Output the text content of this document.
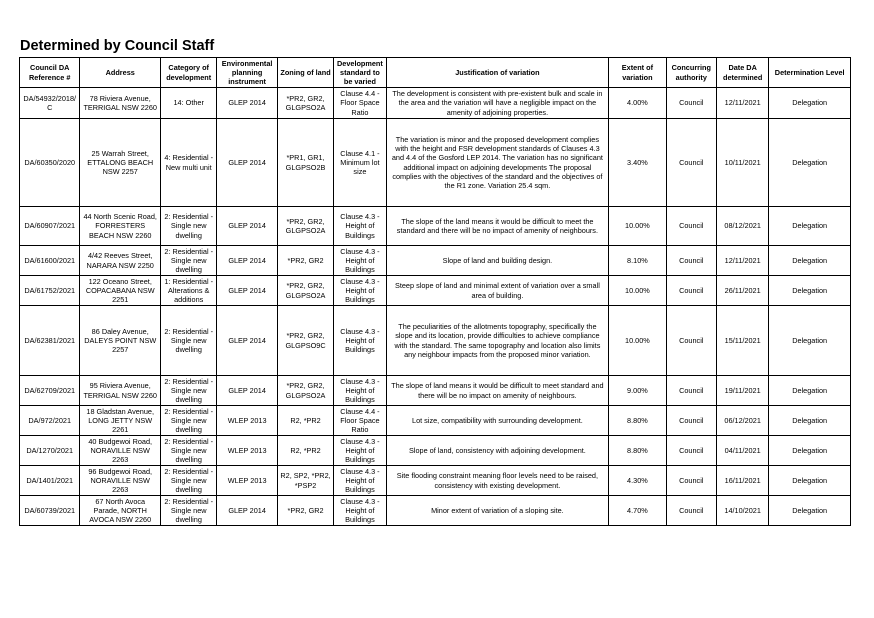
Determined by Council Staff
Council DA Reference #	Address	Category of development	Environmental planning instrument	Zoning of land	Development standard to be varied	Justification of variation	Extent of variation	Concurring authority	Date DA determined	Determination Level
DA/54932/2018/C	78 Riviera Avenue, TERRIGAL NSW 2260	14: Other	GLEP 2014	*PR2, GR2, GLGPSO2A	Clause 4.4 - Floor Space Ratio	The development is consistent with pre-existent bulk and scale in the area and the variation will have a negligible impact on the amenity of adjoining properties.	4.00%	Council	12/11/2021	Delegation
DA/60350/2020	25 Warrah Street, ETTALONG BEACH NSW 2257	4: Residential - New multi unit	GLEP 2014	*PR1, GR1, GLGPSO2B	Clause 4.1 - Minimum lot size	The variation is minor and the proposed development complies with the height and FSR development standards of Clauses 4.3 and 4.4 of the Gosford LEP 2014. The variation has no significant additional impact on adjoining developments The proposal complies with the objectives of the standard and the objectives of the R1 zone. Variation 25.4 sqm.	3.40%	Council	10/11/2021	Delegation
DA/60907/2021	44 North Scenic Road, FORRESTERS BEACH NSW 2260	2: Residential - Single new dwelling	GLEP 2014	*PR2, GR2, GLGPSO2A	Clause 4.3 - Height of Buildings	The slope of the land means it would be difficult to meet the standard and there will be no impact of amenity of neighbours.	10.00%	Council	08/12/2021	Delegation
DA/61600/2021	4/42 Reeves Street, NARARA NSW 2250	2: Residential - Single new dwelling	GLEP 2014	*PR2, GR2	Clause 4.3 - Height of Buildings	Slope of land and building design.	8.10%	Council	12/11/2021	Delegation
DA/61752/2021	122 Oceano Street, COPACABANA NSW 2251	1: Residential - Alterations & additions	GLEP 2014	*PR2, GR2, GLGPSO2A	Clause 4.3 - Height of Buildings	Steep slope of land and minimal extent of variation over a small area of building.	10.00%	Council	26/11/2021	Delegation
DA/62381/2021	86 Daley Avenue, DALEYS POINT NSW 2257	2: Residential - Single new dwelling	GLEP 2014	*PR2, GR2, GLGPSO9C	Clause 4.3 - Height of Buildings	The peculiarities of the allotments topography, specifically the slope and its location, provide difficulties to achieve compliance with the standard. The same topography and location also limits any neighbour impacts from the proposed minor variation.	10.00%	Council	15/11/2021	Delegation
DA/62709/2021	95 Riviera Avenue, TERRIGAL NSW 2260	2: Residential - Single new dwelling	GLEP 2014	*PR2, GR2, GLGPSO2A	Clause 4.3 - Height of Buildings	The slope of land means it would be difficult to meet standard and there will be no impact on amenity of neighbours.	9.00%	Council	19/11/2021	Delegation
DA/972/2021	18 Gladstan Avenue, LONG JETTY NSW 2261	2: Residential - Single new dwelling	WLEP 2013	R2, *PR2	Clause 4.4 - Floor Space Ratio	Lot size, compatibility with surrounding development.	8.80%	Council	06/12/2021	Delegation
DA/1270/2021	40 Budgewoi Road, NORAVILLE NSW 2263	2: Residential - Single new dwelling	WLEP 2013	R2, *PR2	Clause 4.3 - Height of Buildings	Slope of land, consistency with adjoining development.	8.80%	Council	04/11/2021	Delegation
DA/1401/2021	96 Budgewoi Road, NORAVILLE NSW 2263	2: Residential - Single new dwelling	WLEP 2013	R2, SP2, *PR2, *PSP2	Clause 4.3 - Height of Buildings	Site flooding constraint meaning floor levels need to be raised, consistency with existing development.	4.30%	Council	16/11/2021	Delegation
DA/60739/2021	67 North Avoca Parade, NORTH AVOCA NSW 2260	2: Residential - Single new dwelling	GLEP 2014	*PR2, GR2	Clause 4.3 - Height of Buildings	Minor extent of variation of a sloping site.	4.70%	Council	14/10/2021	Delegation
